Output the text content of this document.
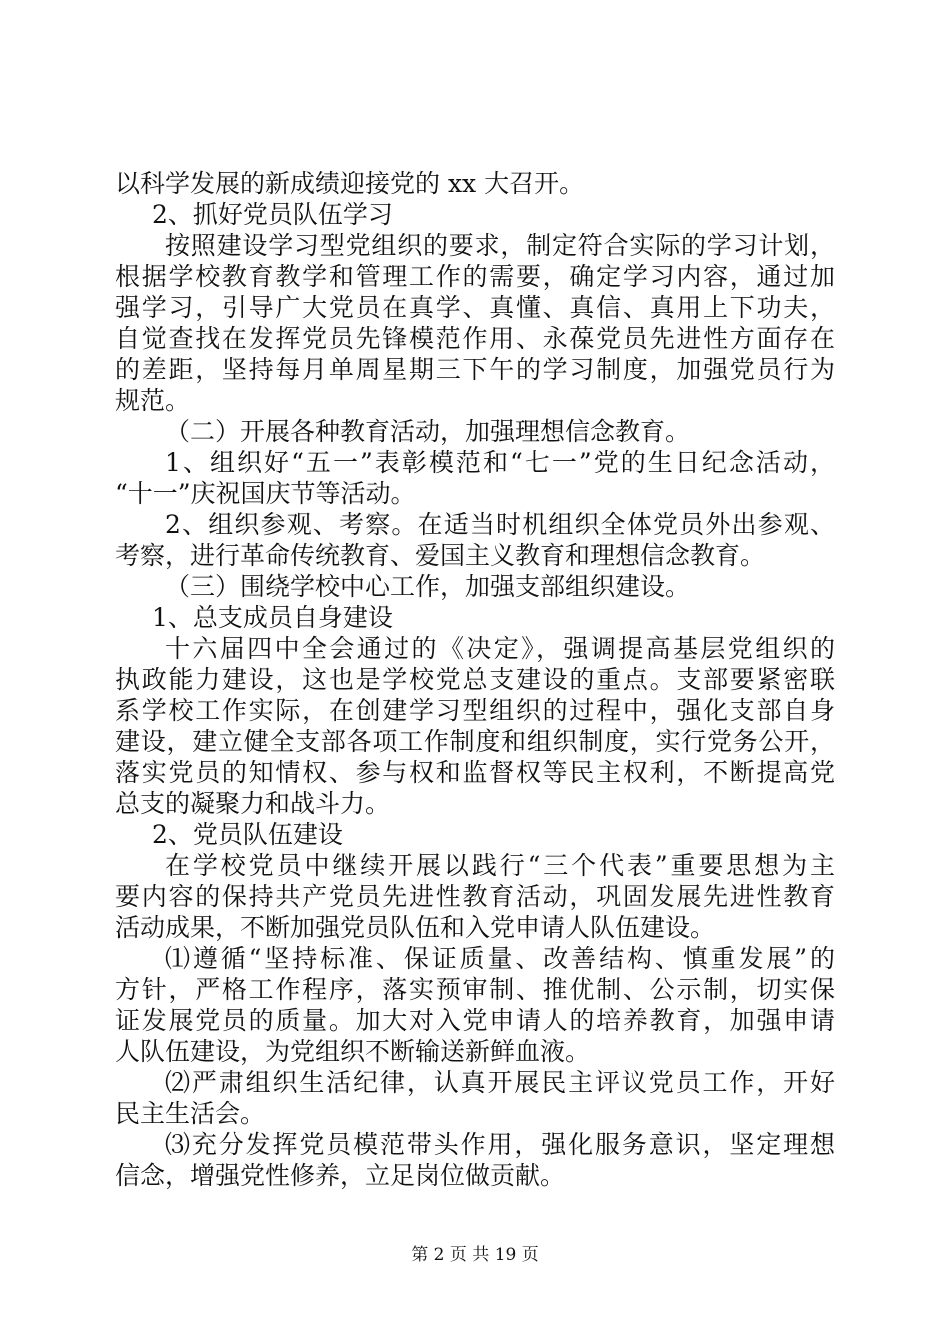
以科学发展的新成绩迎接党的 xx 大召开。
2、抓好党员队伍学习
按照建设学习型党组织的要求，制定符合实际的学习计划，
根据学校教育教学和管理工作的需要，确定学习内容，通过加
强学习，引导广大党员在真学、真懂、真信、真用上下功夫，
自觉查找在发挥党员先锋模范作用、永葆党员先进性方面存在
的差距，坚持每月单周星期三下午的学习制度，加强党员行为
规范。
（二）开展各种教育活动，加强理想信念教育。
1、组织好“五一”表彰模范和“七一”党的生日纪念活动，
“十一”庆祝国庆节等活动。
2、组织参观、考察。在适当时机组织全体党员外出参观、
考察，进行革命传统教育、爱国主义教育和理想信念教育。
（三）围绕学校中心工作，加强支部组织建设。
1、总支成员自身建设
十六届四中全会通过的《决定》，强调提高基层党组织的
执政能力建设，这也是学校党总支建设的重点。支部要紧密联
系学校工作实际，在创建学习型组织的过程中，强化支部自身
建设，建立健全支部各项工作制度和组织制度，实行党务公开，
落实党员的知情权、参与权和监督权等民主权利，不断提高党
总支的凝聚力和战斗力。
2、党员队伍建设
在学校党员中继续开展以践行“三个代表”重要思想为主
要内容的保持共产党员先进性教育活动，巩固发展先进性教育
活动成果，不断加强党员队伍和入党申请人队伍建设。
⑴遵循“坚持标准、保证质量、改善结构、慎重发展”的
方针，严格工作程序，落实预审制、推优制、公示制，切实保
证发展党员的质量。加大对入党申请人的培养教育，加强申请
人队伍建设，为党组织不断输送新鲜血液。
⑵严肃组织生活纪律，认真开展民主评议党员工作，开好
民主生活会。
⑶充分发挥党员模范带头作用，强化服务意识，坚定理想
信念，增强党性修养，立足岗位做贡献。
第 2 页 共 19 页
